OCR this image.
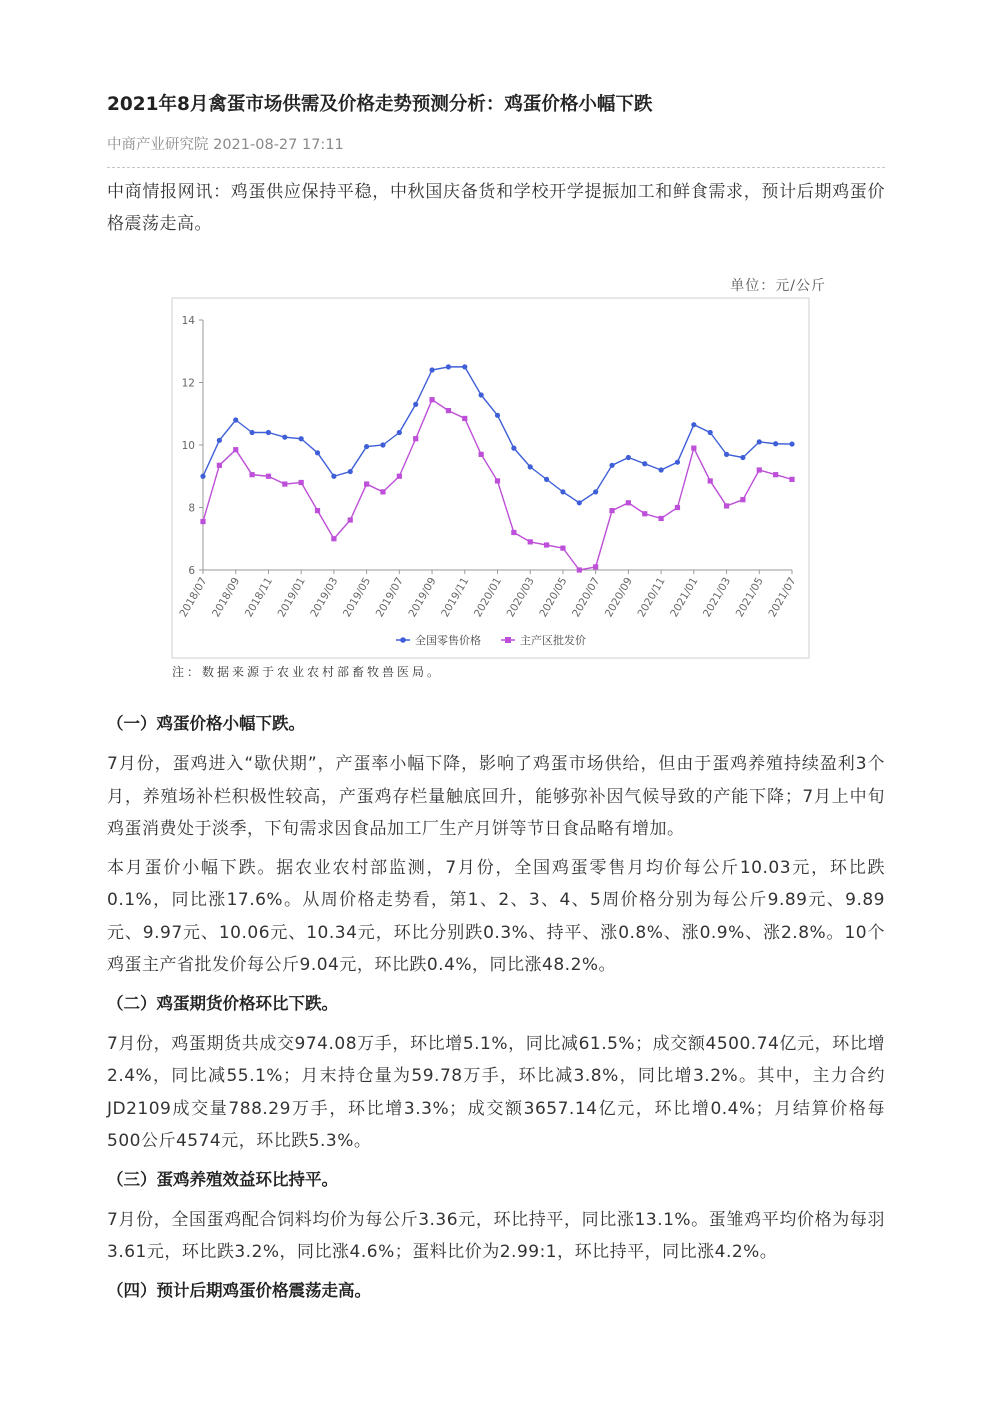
2021年8月禽蛋市场供需及价格走势预测分析：鸡蛋价格小幅下跌
中商产业研究院 2021-08-27 17:11

中商情报网讯：鸡蛋供应保持平稳，中秋国庆备货和学校开学提振加工和鲜食需求，预计后期鸡蛋价格震荡走高。

单位：元/公斤
14
12
10
8
6
2018/07 2018/09 2018/11 2019/01 2019/03 2019/05 2019/07 2019/09 2019/11 2020/01 2020/03 2020/05 2020/07 2020/09 2020/11 2021/01 2021/03 2021/05 2021/07
全国零售价格	主产区批发价
注：数据来源于农业农村部畜牧兽医局。
（一）鸡蛋价格小幅下跌。

7月份，蛋鸡进入“歇伏期”，产蛋率小幅下降，影响了鸡蛋市场供给，但由于蛋鸡养殖持续盈利3个月，养殖场补栏积极性较高，产蛋鸡存栏量触底回升，能够弥补因气候导致的产能下降；7月上中旬鸡蛋消费处于淡季，下旬需求因食品加工厂生产月饼等节日食品略有增加。

本月蛋价小幅下跌。据农业农村部监测，7月份，全国鸡蛋零售月均价每公斤10.03元，环比跌0.1%，同比涨17.6%。从周价格走势看，第1、2、3、4、5周价格分别为每公斤9.89元、9.89元、9.97元、10.06元、10.34元，环比分别跌0.3%、持平、涨0.8%、涨0.9%、涨2.8%。10个鸡蛋主产省批发价每公斤9.04元，环比跌0.4%，同比涨48.2%。

（二）鸡蛋期货价格环比下跌。

7月份，鸡蛋期货共成交974.08万手，环比增5.1%，同比减61.5%；成交额4500.74亿元，环比增2.4%，同比减55.1%；月末持仓量为59.78万手，环比减3.8%，同比增3.2%。其中，主力合约JD2109成交量788.29万手，环比增3.3%；成交额3657.14亿元，环比增0.4%；月结算价格每500公斤4574元，环比跌5.3%。

（三）蛋鸡养殖效益环比持平。

7月份，全国蛋鸡配合饲料均价为每公斤3.36元，环比持平，同比涨13.1%。蛋雏鸡平均价格为每羽3.61元，环比跌3.2%，同比涨4.6%；蛋料比价为2.99:1，环比持平，同比涨4.2%。

（四）预计后期鸡蛋价格震荡走高。
